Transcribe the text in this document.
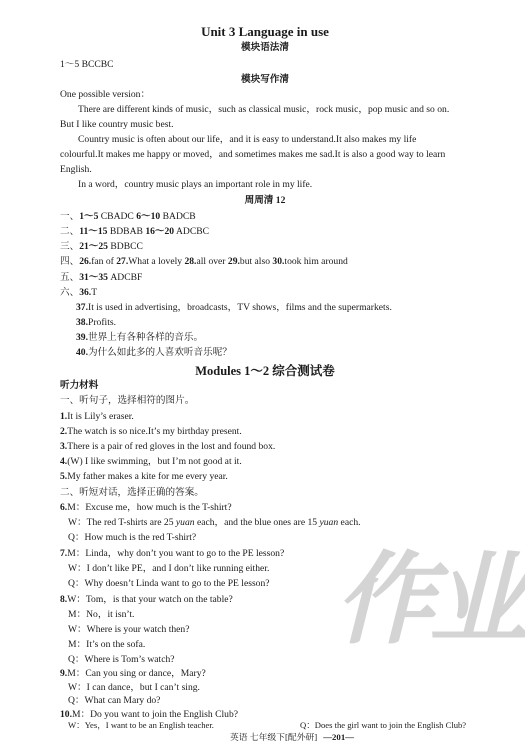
Unit 3 Language in use
模块语法清
1～5 BCCBC
模块写作清
One possible version：
There are different kinds of music，such as classical music，rock music，pop music and so on.
But I like country music best.
Country music is often about our life，and it is easy to understand.It also makes my life
colourful.It makes me happy or moved，and sometimes makes me sad.It is also a good way to learn
English.
In a word，country music plays an important role in my life.
周周清 12
一、1～5 CBADC 6～10 BADCB
二、11～15 BDBAB 16～20 ADCBC
三、21～25 BDBCC
四、26.fan of 27.What a lovely 28.all over 29.but also 30.took him around
五、31～35 ADCBF
六、36.T
37.It is used in advertising，broadcasts，TV shows，films and the supermarkets.
38.Profits.
39.世界上有各种各样的音乐。
40.为什么如此多的人喜欢听音乐呢？
Modules 1～2 综合测试卷
听力材料
一、听句子，选择相符的图片。
1.It is Lily’s eraser.
2.The watch is so nice.It’s my birthday present.
3.There is a pair of red gloves in the lost and found box.
4.(W) I like swimming，but I’m not good at it.
5.My father makes a kite for me every year.
二、听短对话，选择正确的答案。
6.M：Excuse me，how much is the T-shirt?
W：The red T-shirts are 25 yuan each，and the blue ones are 15 yuan each.
Q：How much is the red T-shirt?
7.M：Linda，why don’t you want to go to the PE lesson?
W：I don’t like PE，and I don’t like running either.
Q：Why doesn’t Linda want to go to the PE lesson?
8.W：Tom，is that your watch on the table?
M：No，it isn’t.
W：Where is your watch then?
M：It’s on the sofa.
Q：Where is Tom’s watch?
9.M：Can you sing or dance，Mary?
W：I can dance，but I can’t sing.
Q：What can Mary do?
作业
10.M：Do you want to join the English Club?
W：Yes，I want to be an English teacher.
英语 七年级下[配外研] —201—
Q：Does the girl want to join the English Club?
